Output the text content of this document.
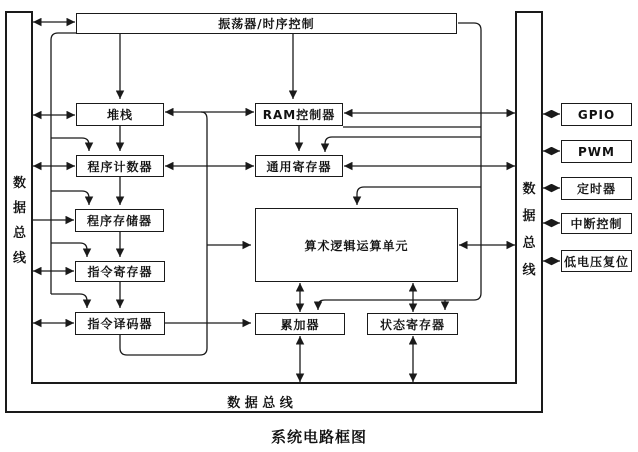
振荡器/时序控制
堆栈	RAM控制器
程序计数器	通用寄存器
程序存储器
指令寄存器
指令译码器
算术逻辑运算单元
累加器	状态寄存器
GPIO
PWM
定时器
中断控制
低电压复位
数据总线
数据总线
数 据 总 线
系统电路框图
